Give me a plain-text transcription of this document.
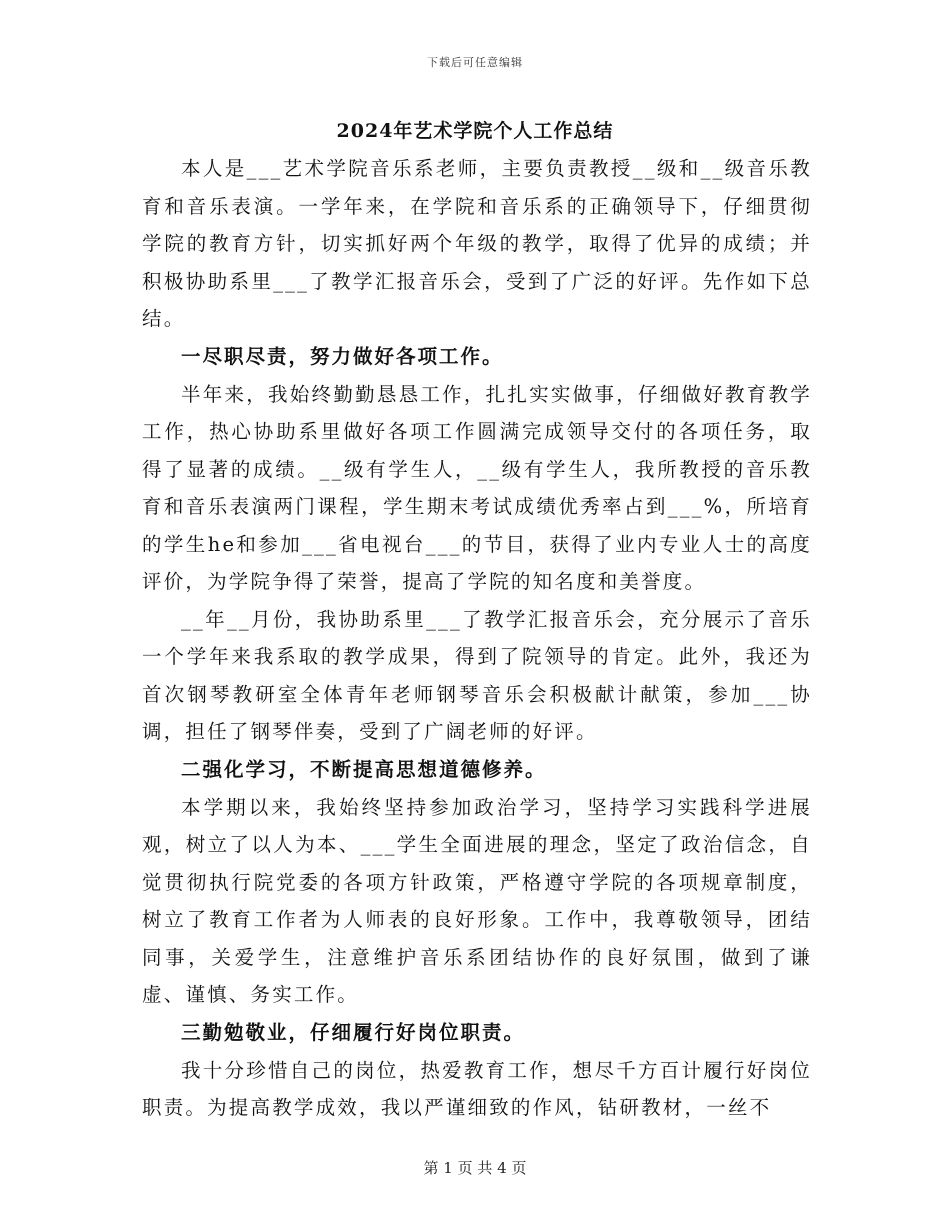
下载后可任意编辑
2024年艺术学院个人工作总结

本人是___艺术学院音乐系老师，主要负责教授__级和__级音乐教育和音乐表演。一学年来，在学院和音乐系的正确领导下，仔细贯彻学院的教育方针，切实抓好两个年级的教学，取得了优异的成绩；并积极协助系里___了教学汇报音乐会，受到了广泛的好评。先作如下总结。

一尽职尽责，努力做好各项工作。

半年来，我始终勤勤恳恳工作，扎扎实实做事，仔细做好教育教学工作，热心协助系里做好各项工作圆满完成领导交付的各项任务，取得了显著的成绩。__级有学生人，__级有学生人，我所教授的音乐教育和音乐表演两门课程，学生期末考试成绩优秀率占到___%，所培育的学生he和参加___省电视台___的节目，获得了业内专业人士的高度评价，为学院争得了荣誉，提高了学院的知名度和美誉度。

__年__月份，我协助系里___了教学汇报音乐会，充分展示了音乐一个学年来我系取的教学成果，得到了院领导的肯定。此外，我还为首次钢琴教研室全体青年老师钢琴音乐会积极献计献策，参加___协调，担任了钢琴伴奏，受到了广阔老师的好评。

二强化学习，不断提高思想道德修养。

本学期以来，我始终坚持参加政治学习，坚持学习实践科学进展观，树立了以人为本、___学生全面进展的理念，坚定了政治信念，自觉贯彻执行院党委的各项方针政策，严格遵守学院的各项规章制度，树立了教育工作者为人师表的良好形象。工作中，我尊敬领导，团结同事，关爱学生，注意维护音乐系团结协作的良好氛围，做到了谦虚、谨慎、务实工作。

三勤勉敬业，仔细履行好岗位职责。

我十分珍惜自己的岗位，热爱教育工作，想尽千方百计履行好岗位职责。为提高教学成效，我以严谨细致的作风，钻研教材，一丝不

第 1 页 共 4 页
